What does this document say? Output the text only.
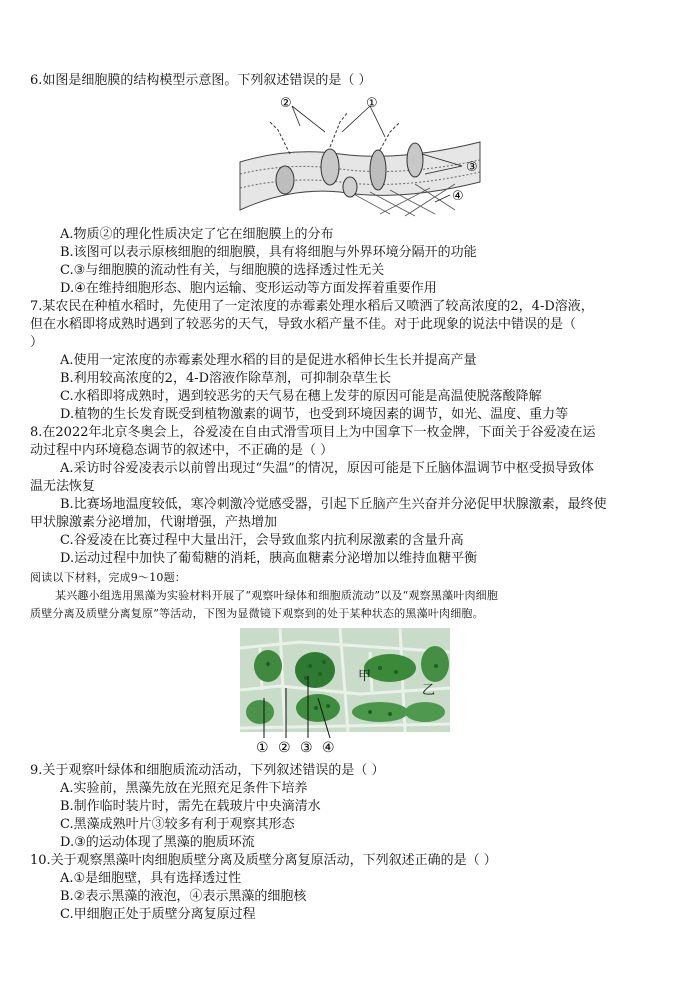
6.如图是细胞膜的结构模型示意图。下列叙述错误的是（ ）
②	①
③
④
A.物质②的理化性质决定了它在细胞膜上的分布
B.该图可以表示原核细胞的细胞膜，具有将细胞与外界环境分隔开的功能
C.③与细胞膜的流动性有关，与细胞膜的选择透过性无关
D.④在维持细胞形态、胞内运输、变形运动等方面发挥着重要作用
7.某农民在种植水稻时，先使用了一定浓度的赤霉素处理水稻后又喷洒了较高浓度的2，4-D溶液，
但在水稻即将成熟时遇到了较恶劣的天气，导致水稻产量不佳。对于此现象的说法中错误的是（
）
A.使用一定浓度的赤霉素处理水稻的目的是促进水稻伸长生长并提高产量
B.利用较高浓度的2，4-D溶液作除草剂，可抑制杂草生长
C.水稻即将成熟时，遇到较恶劣的天气易在穗上发芽的原因可能是高温使脱落酸降解
D.植物的生长发育既受到植物激素的调节，也受到环境因素的调节，如光、温度、重力等
8.在2022年北京冬奥会上，谷爱凌在自由式滑雪项目上为中国拿下一枚金牌，下面关于谷爱凌在运
动过程中内环境稳态调节的叙述中，不正确的是（ ）
A.采访时谷爱凌表示以前曾出现过“失温”的情况，原因可能是下丘脑体温调节中枢受损导致体
温无法恢复
B.比赛场地温度较低，寒冷刺激冷觉感受器，引起下丘脑产生兴奋并分泌促甲状腺激素，最终使
甲状腺激素分泌增加，代谢增强，产热增加
C.谷爱凌在比赛过程中大量出汗，会导致血浆内抗利尿激素的含量升高
D.运动过程中加快了葡萄糖的消耗，胰高血糖素分泌增加以维持血糖平衡
阅读以下材料，完成9～10题：
某兴趣小组选用黑藻为实验材料开展了“观察叶绿体和细胞质流动”以及“观察黑藻叶肉细胞
质壁分离及质壁分离复原”等活动，下图为显微镜下观察到的处于某种状态的黑藻叶肉细胞。
甲
乙
① ② ③ ④
9.关于观察叶绿体和细胞质流动活动，下列叙述错误的是（ ）
A.实验前，黑藻先放在光照充足条件下培养
B.制作临时装片时，需先在载玻片中央滴清水
C.黑藻成熟叶片③较多有利于观察其形态
D.③的运动体现了黑藻的胞质环流
10.关于观察黑藻叶肉细胞质壁分离及质壁分离复原活动，下列叙述正确的是（ ）
A.①是细胞壁，具有选择透过性
B.②表示黑藻的液泡，④表示黑藻的细胞核
C.甲细胞正处于质壁分离复原过程
